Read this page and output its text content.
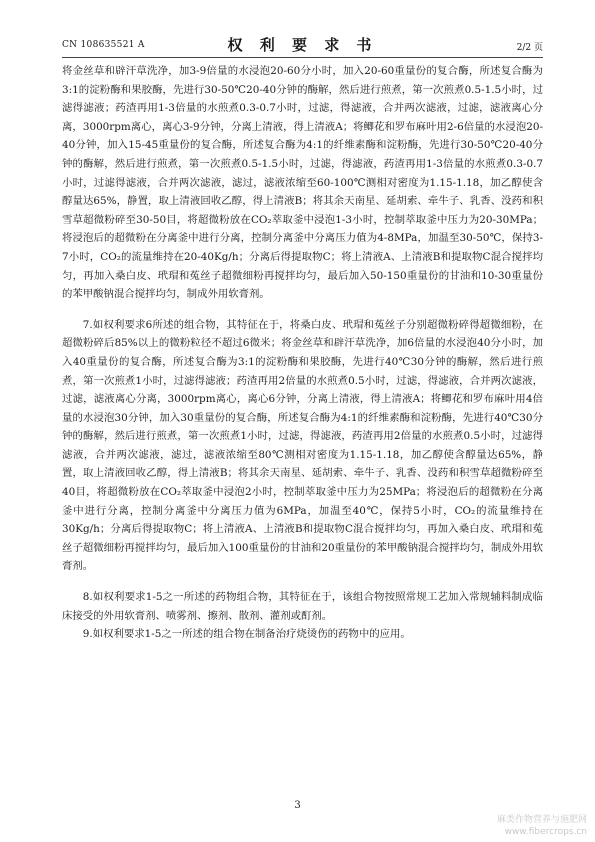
CN 108635521 A	权 利 要 求 书	2/2 页

将金丝草和辟汗草洗净，加3-9倍量的水浸泡20-60分小时，加入20-60重量份的复合酶，所述复合酶为3:1的淀粉酶和果胶酶，先进行30-50℃20-40分钟的酶解，然后进行煎煮，第一次煎煮0.5-1.5小时，过滤得滤液；药渣再用1-3倍量的水煎煮0.3-0.7小时，过滤，得滤液，合并两次滤液，过滤，滤液离心分离，3000rpm离心，离心3-9分钟，分离上清液，得上清液A；将鲫花和罗布麻叶用2-6倍量的水浸泡20-40分钟，加入15-45重量份的复合酶，所述复合酶为4:1的纤维素酶和淀粉酶，先进行30-50℃20-40分钟的酶解，然后进行煎煮，第一次煎煮0.5-1.5小时，过滤，得滤液，药渣再用1-3倍量的水煎煮0.3-0.7小时，过滤得滤液，合并两次滤液，滤过，滤液浓缩至60-100℃测相对密度为1.15-1.18，加乙醇使含醇量达65%，静置，取上清液回收乙醇，得上清液B；将其余天南星、延胡索、牵牛子、乳香、没药和积雪草超微粉碎至30-50目，将超微粉放在CO₂萃取釜中浸泡1-3小时，控制萃取釜中压力为20-30MPa；将浸泡后的超微粉在分离釜中进行分离，控制分离釜中分离压力值为4-8MPa，加温至30-50℃，保持3-7小时，CO₂的流量维持在20-40Kg/h；分离后得提取物C；将上清液A、上清液B和提取物C混合搅拌均匀，再加入桑白皮、玳瑁和菟丝子超微细粉再搅拌均匀，最后加入50-150重量份的甘油和10-30重量份的苯甲酸钠混合搅拌均匀，制成外用软膏剂。

7.如权利要求6所述的组合物，其特征在于，将桑白皮、玳瑁和菟丝子分别超微粉碎得超微细粉，在超微粉碎后85%以上的微粉粒径不超过6微米；将金丝草和辟汗草洗净，加6倍量的水浸泡40分小时，加入40重量份的复合酶，所述复合酶为3:1的淀粉酶和果胶酶，先进行40℃30分钟的酶解，然后进行煎煮，第一次煎煮1小时，过滤得滤液；药渣再用2倍量的水煎煮0.5小时，过滤，得滤液，合并两次滤液，过滤，滤液离心分离，3000rpm离心，离心6分钟，分离上清液，得上清液A；将鲫花和罗布麻叶用4倍量的水浸泡30分钟，加入30重量份的复合酶，所述复合酶为4:1的纤维素酶和淀粉酶，先进行40℃30分钟的酶解，然后进行煎煮，第一次煎煮1小时，过滤，得滤液，药渣再用2倍量的水煎煮0.5小时，过滤得滤液，合并两次滤液，滤过，滤液浓缩至80℃测相对密度为1.15-1.18，加乙醇使含醇量达65%，静置，取上清液回收乙醇，得上清液B；将其余天南星、延胡索、牵牛子、乳香、没药和积雪草超微粉碎至40目，将超微粉放在CO₂萃取釜中浸泡2小时，控制萃取釜中压力为25MPa；将浸泡后的超微粉在分离釜中进行分离，控制分离釜中分离压力值为6MPa，加温至40℃，保持5小时，CO₂的流量维持在30Kg/h；分离后得提取物C；将上清液A、上清液B和提取物C混合搅拌均匀，再加入桑白皮、玳瑁和菟丝子超微细粉再搅拌均匀，最后加入100重量份的甘油和20重量份的苯甲酸钠混合搅拌均匀，制成外用软膏剂。

8.如权利要求1-5之一所述的药物组合物，其特征在于，该组合物按照常规工艺加入常规辅料制成临床接受的外用软膏剂、喷雾剂、擦剂、散剂、灌剂或酊剂。

9.如权利要求1-5之一所述的组合物在制备治疗烧烫伤的药物中的应用。

3
麻类作物营养与施肥网
www.fibercrops.cn
